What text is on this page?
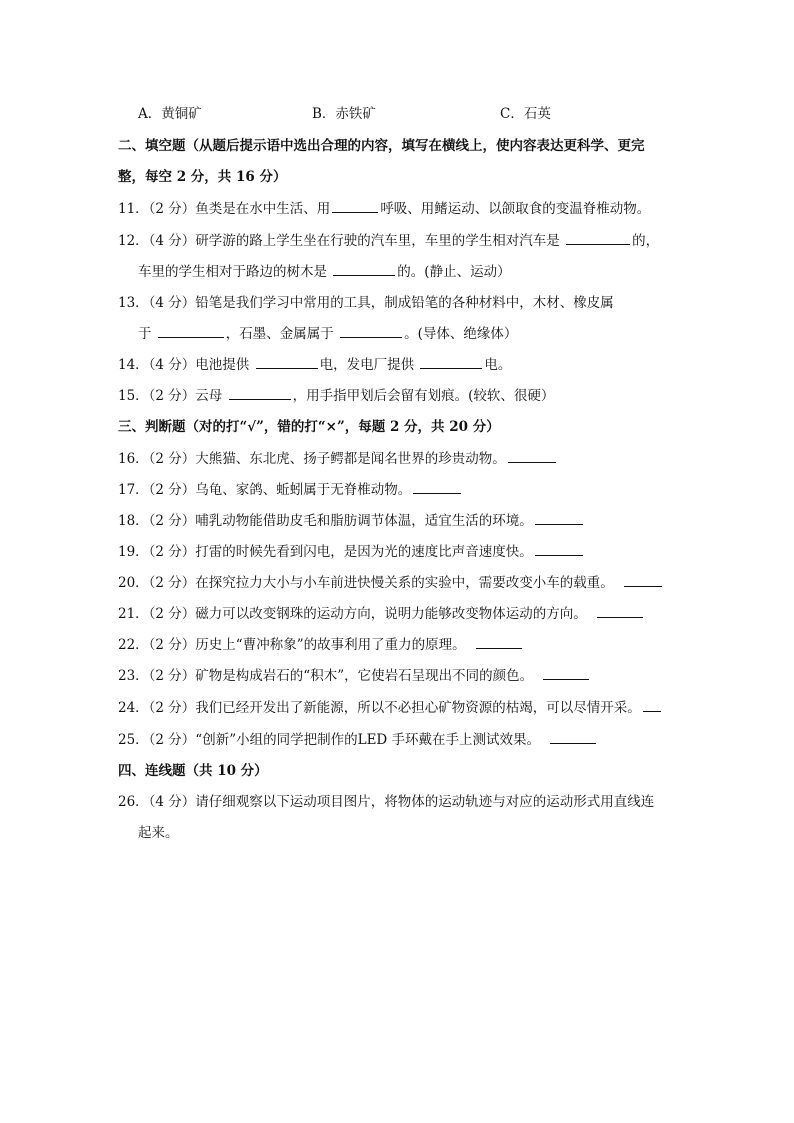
A．黄铜矿	B．赤铁矿	C．石英
二、填空题（从题后提示语中选出合理的内容，填写在横线上，使内容表达更科学、更完
整，每空 2 分，共 16 分）
11．（2 分）鱼类是在水中生活、用	呼吸、用鳍运动、以颌取食的变温脊椎动物。
12．（4 分）研学游的路上学生坐在行驶的汽车里，车里的学生相对汽车是	的，
车里的学生相对于路边的树木是	的。(静止、运动）
13．（4 分）铅笔是我们学习中常用的工具，制成铅笔的各种材料中，木材、橡皮属
于	，石墨、金属属于	。(导体、绝缘体）
14．（4 分）电池提供	电，发电厂提供	电。
15．（2 分）云母	，用手指甲划后会留有划痕。(较软、很硬）
三、判断题（对的打“√”，错的打“×”，每题 2 分，共 20 分）
16．（2 分）大熊猫、东北虎、扬子鳄都是闻名世界的珍贵动物。
17．（2 分）乌龟、家鸽、蚯蚓属于无脊椎动物。
18．（2 分）哺乳动物能借助皮毛和脂肪调节体温，适宜生活的环境。
19．（2 分）打雷的时候先看到闪电，是因为光的速度比声音速度快。
20．（2 分）在探究拉力大小与小车前进快慢关系的实验中，需要改变小车的载重。
21．（2 分）磁力可以改变钢珠的运动方向，说明力能够改变物体运动的方向。
22．（2 分）历史上“曹冲称象”的故事利用了重力的原理。
23．（2 分）矿物是构成岩石的“积木”，它使岩石呈现出不同的颜色。
24．（2 分）我们已经开发出了新能源，所以不必担心矿物资源的枯竭，可以尽情开采。
25．（2 分）“创新”小组的同学把制作的LED 手环戴在手上测试效果。
四、连线题（共 10 分）
26．（4 分）请仔细观察以下运动项目图片，将物体的运动轨迹与对应的运动形式用直线连
起来。
